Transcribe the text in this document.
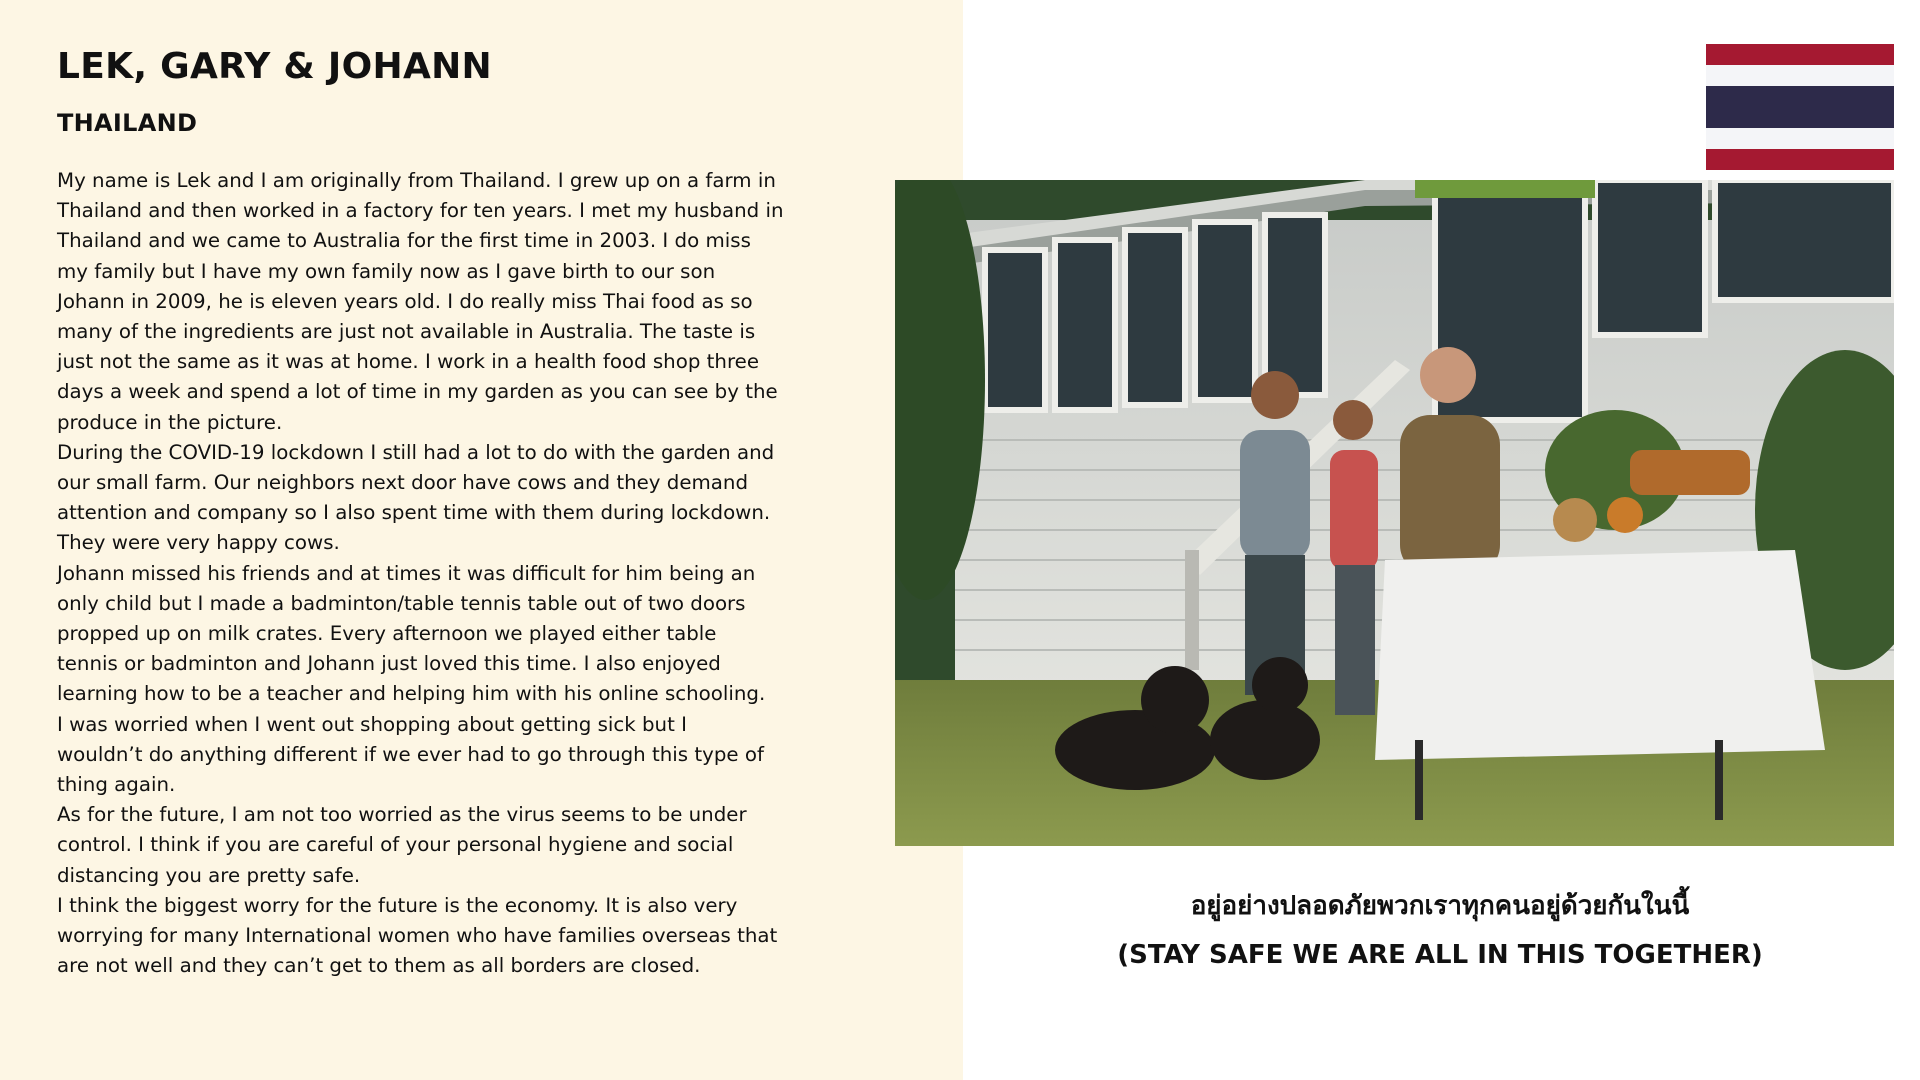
LEK, GARY & JOHANN
THAILAND
My name is Lek and I am originally from Thailand. I grew up on a farm in
Thailand and then worked in a factory for ten years. I met my husband in
Thailand and we came to Australia for the first time in 2003. I do miss
my family but I have my own family now as I gave birth to our son
Johann in 2009, he is eleven years old. I do really miss Thai food as so
many of the ingredients are just not available in Australia. The taste is
just not the same as it was at home. I work in a health food shop three
days a week and spend a lot of time in my garden as you can see by the
produce in the picture.
During the COVID-19 lockdown I still had a lot to do with the garden and
our small farm. Our neighbors next door have cows and they demand
attention and company so I also spent time with them during lockdown.
They were very happy cows.
Johann missed his friends and at times it was difficult for him being an
only child but I made a badminton/table tennis table out of two doors
propped up on milk crates. Every afternoon we played either table
tennis or badminton and Johann just loved this time. I also enjoyed
learning how to be a teacher and helping him with his online schooling.
I was worried when I went out shopping about getting sick but I
wouldn’t do anything different if we ever had to go through this type of
thing again.
As for the future, I am not too worried as the virus seems to be under
control. I think if you are careful of your personal hygiene and social
distancing you are pretty safe.
I think the biggest worry for the future is the economy. It is also very
worrying for many International women who have families overseas that
are not well and they can’t get to them as all borders are closed.
อยู่อย่างปลอดภัยพวกเราทุกคนอยู่ด้วยกันในนี้
(STAY SAFE WE ARE ALL IN THIS TOGETHER)
